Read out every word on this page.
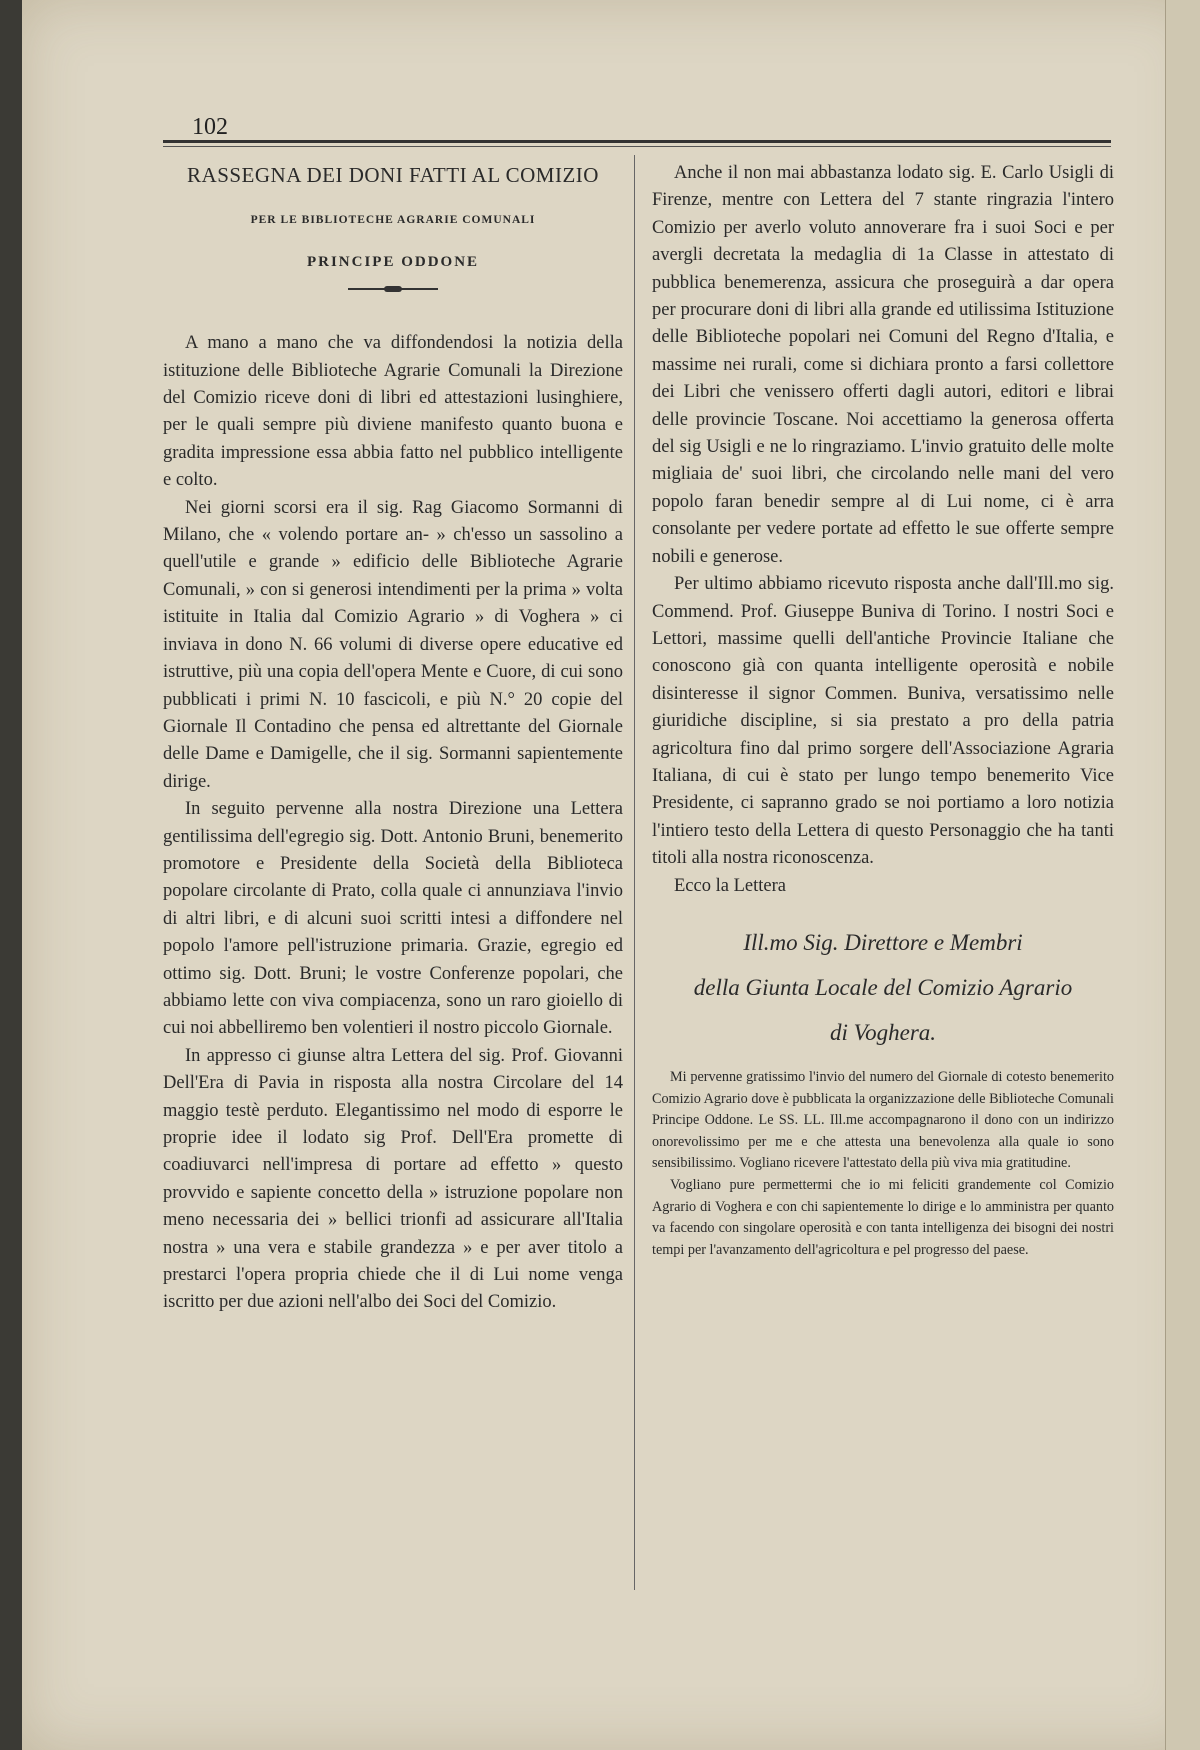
102
RASSEGNA DEI DONI FATTI AL COMIZIO
PER LE BIBLIOTECHE AGRARIE COMUNALI
PRINCIPE ODDONE

A mano a mano che va diffondendosi la notizia della istituzione delle Biblioteche Agrarie Comunali la Direzione del Comizio riceve doni di libri ed attestazioni lusinghiere, per le quali sempre più diviene manifesto quanto buona e gradita impressione essa abbia fatto nel pubblico intelligente e colto.

Nei giorni scorsi era il sig. Rag Giacomo Sormanni di Milano, che « volendo portare an- » ch'esso un sassolino a quell'utile e grande » edificio delle Biblioteche Agrarie Comunali, » con si generosi intendimenti per la prima » volta istituite in Italia dal Comizio Agrario » di Voghera » ci inviava in dono N. 66 volumi di diverse opere educative ed istruttive, più una copia dell'opera Mente e Cuore, di cui sono pubblicati i primi N. 10 fascicoli, e più N.° 20 copie del Giornale Il Contadino che pensa ed altrettante del Giornale delle Dame e Damigelle, che il sig. Sormanni sapientemente dirige.

In seguito pervenne alla nostra Direzione una Lettera gentilissima dell'egregio sig. Dott. Antonio Bruni, benemerito promotore e Presidente della Società della Biblioteca popolare circolante di Prato, colla quale ci annunziava l'invio di altri libri, e di alcuni suoi scritti intesi a diffondere nel popolo l'amore pell'istruzione primaria. Grazie, egregio ed ottimo sig. Dott. Bruni; le vostre Conferenze popolari, che abbiamo lette con viva compiacenza, sono un raro gioiello di cui noi abbelliremo ben volentieri il nostro piccolo Giornale.

In appresso ci giunse altra Lettera del sig. Prof. Giovanni Dell'Era di Pavia in risposta alla nostra Circolare del 14 maggio testè perduto. Elegantissimo nel modo di esporre le proprie idee il lodato sig Prof. Dell'Era promette di coadiuvarci nell'impresa di portare ad effetto » questo provvido e sapiente concetto della » istruzione popolare non meno necessaria dei » bellici trionfi ad assicurare all'Italia nostra » una vera e stabile grandezza » e per aver titolo a prestarci l'opera propria chiede che il di Lui nome venga iscritto per due azioni nell'albo dei Soci del Comizio.

Anche il non mai abbastanza lodato sig. E. Carlo Usigli di Firenze, mentre con Lettera del 7 stante ringrazia l'intero Comizio per averlo voluto annoverare fra i suoi Soci e per avergli decretata la medaglia di 1a Classe in attestato di pubblica benemerenza, assicura che proseguirà a dar opera per procurare doni di libri alla grande ed utilissima Istituzione delle Biblioteche popolari nei Comuni del Regno d'Italia, e massime nei rurali, come si dichiara pronto a farsi collettore dei Libri che venissero offerti dagli autori, editori e librai delle provincie Toscane. Noi accettiamo la generosa offerta del sig Usigli e ne lo ringraziamo. L'invio gratuito delle molte migliaia de' suoi libri, che circolando nelle mani del vero popolo faran benedir sempre al di Lui nome, ci è arra consolante per vedere portate ad effetto le sue offerte sempre nobili e generose.

Per ultimo abbiamo ricevuto risposta anche dall'Ill.mo sig. Commend. Prof. Giuseppe Buniva di Torino. I nostri Soci e Lettori, massime quelli dell'antiche Provincie Italiane che conoscono già con quanta intelligente operosità e nobile disinteresse il signor Commen. Buniva, versatissimo nelle giuridiche discipline, si sia prestato a pro della patria agricoltura fino dal primo sorgere dell'Associazione Agraria Italiana, di cui è stato per lungo tempo benemerito Vice Presidente, ci sapranno grado se noi portiamo a loro notizia l'intiero testo della Lettera di questo Personaggio che ha tanti titoli alla nostra riconoscenza.

Ecco la Lettera

Ill.mo Sig. Direttore e Membri
della Giunta Locale del Comizio Agrario
di Voghera.

Mi pervenne gratissimo l'invio del numero del Giornale di cotesto benemerito Comizio Agrario dove è pubblicata la organizzazione delle Biblioteche Comunali Principe Oddone. Le SS. LL. Ill.me accompagnarono il dono con un indirizzo onorevolissimo per me e che attesta una benevolenza alla quale io sono sensibilissimo. Vogliano ricevere l'attestato della più viva mia gratitudine.

Vogliano pure permettermi che io mi feliciti grandemente col Comizio Agrario di Voghera e con chi sapientemente lo dirige e lo amministra per quanto va facendo con singolare operosità e con tanta intelligenza dei bisogni dei nostri tempi per l'avanzamento dell'agricoltura e pel progresso del paese.
